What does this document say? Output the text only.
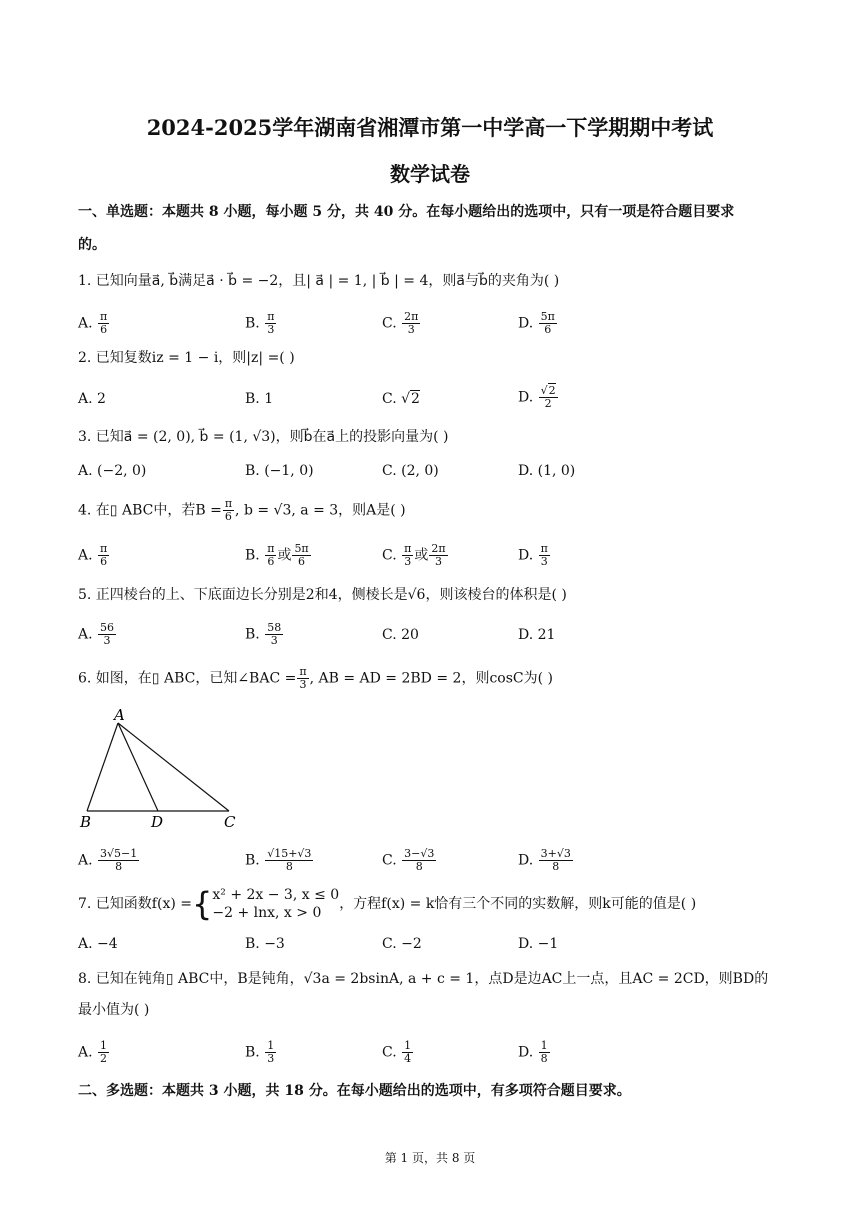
2024-2025学年湖南省湘潭市第一中学高一下学期期中考试
数学试卷
一、单选题：本题共 8 小题，每小题 5 分，共 40 分。在每小题给出的选项中，只有一项是符合题目要求
的。
1. 已知向量a⃗, b⃗满足a⃗ · b⃗ = −2，且| a⃗ | = 1, | b⃗ | = 4，则a⃗与b⃗的夹角为( )
A. $\frac{\pi}{6}$	B. $\frac{\pi}{3}$	C. $\frac{2\pi}{3}$	D. $\frac{5\pi}{6}$
2. 已知复数iz = 1 − i，则|z| =( )
A. 2	B. 1	C. √2	D. $\frac{√2}{2}$
3. 已知a⃗ = (2, 0), b⃗ = (1, √3)，则b⃗在a⃗上的投影向量为( )
A. (−2, 0)	B. (−1, 0)	C. (2, 0)	D. (1, 0)
4. 在▯ ABC中，若$B = \frac{\pi}{6}$ , b = √3, a = 3，则A是( )
A. $\frac{\pi}{6}$	B. $\frac{\pi}{6}$ 或 $\frac{5\pi}{6}$	C. $\frac{\pi}{3}$ 或 $\frac{2\pi}{3}$	D. $\frac{\pi}{3}$
5. 正四棱台的上、下底面边长分别是2和4，侧棱长是√6，则该棱台的体积是( )
A. $\frac{56}{3}$	B. $\frac{58}{3}$	C. 20	D. 21
6. 如图，在▯ ABC，已知∠BAC = $\frac{\pi}{3}$ , AB = AD = 2BD = 2，则cosC为( )
A
B	D	C
A. $\frac{3√5-1}{8}$	B. $\frac{√15+√3}{8}$	C. $\frac{3-√3}{8}$	D. $\frac{3+√3}{8}$
7. 已知函数f(x) ={ x² + 2x − 3, x ≤ 0
−2 + lnx, x > 0
，方程f(x) = k恰有三个不同的实数解，则k可能的值是( )
A. −4	B. −3	C. −2	D. −1
8. 已知在钝角▯ ABC中，B是钝角，√3a = 2bsinA, a + c = 1，点D是边AC上一点，且AC = 2CD，则BD的
最小值为( )
A. $\frac{1}{2}$	B. $\frac{1}{3}$	C. $\frac{1}{4}$	D. $\frac{1}{8}$
二、多选题：本题共 3 小题，共 18 分。在每小题给出的选项中，有多项符合题目要求。
第 1 页，共 8 页
